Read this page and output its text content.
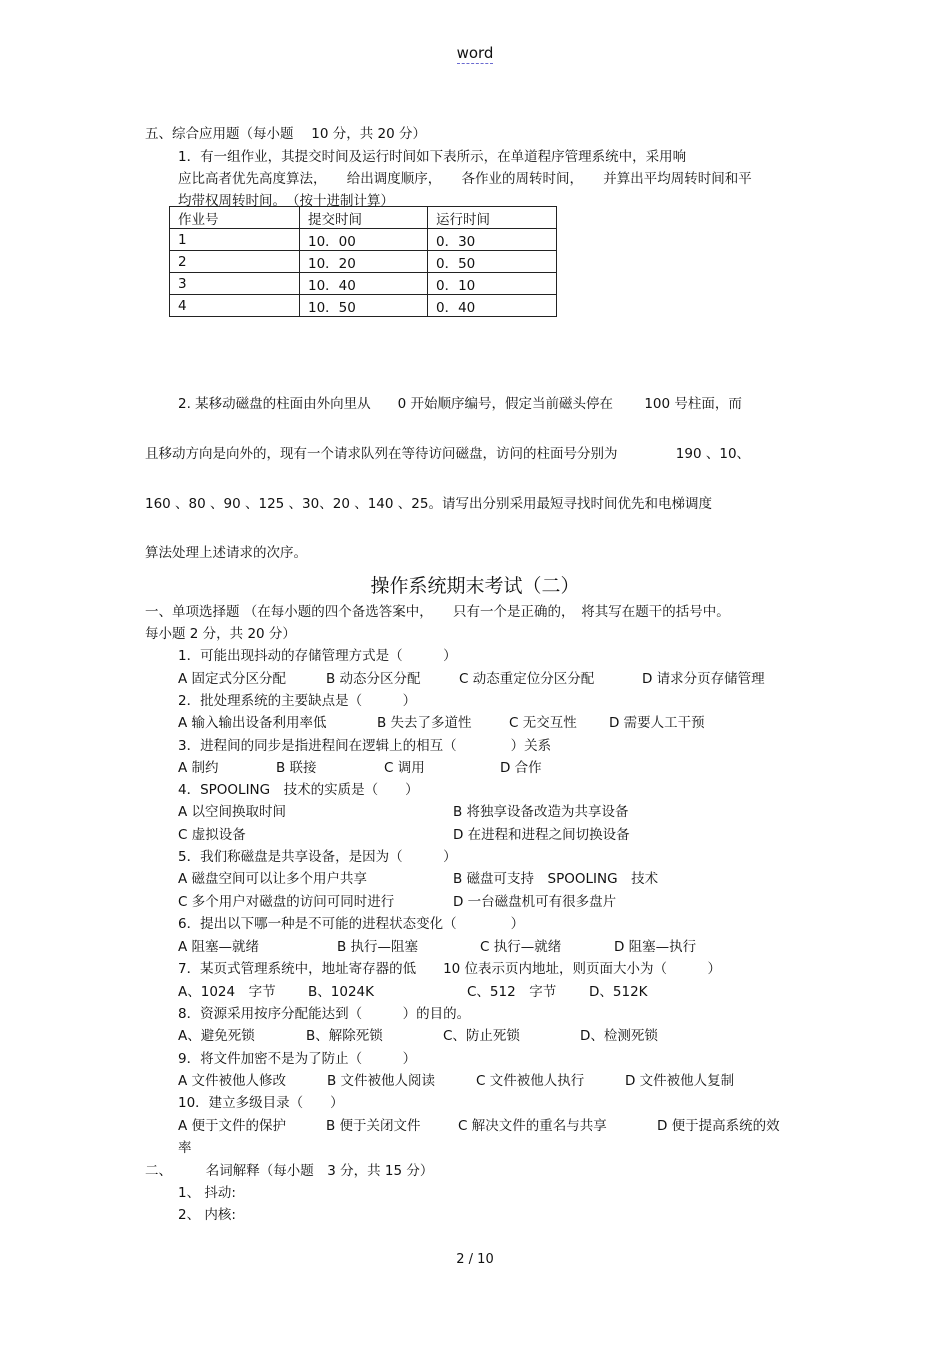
word
五、综合应用题（每小题　 10 分，共 20 分）
1．有一组作业，其提交时间及运行时间如下表所示，在单道程序管理系统中，采用响
应比高者优先高度算法，　　给出调度顺序，　　各作业的周转时间，　　并算出平均周转时间和平
均带权周转时间。　（按十进制计算）
作业号	提交时间	运行时间
1	10．00	0．30
2	10．20	0．50
3	10．40	0．10
4	10．50	0．40
2. 某移动磁盘的柱面由外向里从　　0 开始顺序编号，假定当前磁头停在　　 100 号柱面，而
且移动方向是向外的，现有一个请求队列在等待访问磁盘，访问的柱面号分别为　　　　 190 、10、
160 、80 、90 、125 、30、20 、140 、25。请写出分别采用最短寻找时间优先和电梯调度
算法处理上述请求的次序。
操作系统期末考试（二）
一、单项选择题 （在每小题的四个备选答案中，　　只有一个是正确的，　将其写在题干的括号中。
每小题 2 分，共 20 分）
1．可能出现抖动的存储管理方式是（　　　）
A 固定式分区分配	B 动态分区分配	C 动态重定位分区分配	D 请求分页存储管理
2．批处理系统的主要缺点是（　　　）
A 输入输出设备利用率低	B 失去了多道性	C 无交互性 D 需要人工干预
3．进程间的同步是指进程间在逻辑上的相互（　　　　）关系
A 制约	B 联接	C 调用	D 合作
4．SPOOLING　技术的实质是（　　）
A 以空间换取时间	B 将独享设备改造为共享设备
C 虚拟设备	D 在进程和进程之间切换设备
5．我们称磁盘是共享设备，是因为（　　　）
A 磁盘空间可以让多个用户共享	B 磁盘可支持　SPOOLING　技术
C 多个用户对磁盘的访问可同时进行	D 一台磁盘机可有很多盘片
6．提出以下哪一种是不可能的进程状态变化（　　　　）
A 阻塞—就绪	B 执行—阻塞	C 执行—就绪	D 阻塞—执行
7．某页式管理系统中，地址寄存器的低　　10 位表示页内地址，则页面大小为（　　　）
A、1024　字节 B、1024K	C、512　字节 D、512K
8．资源采用按序分配能达到（　　　）的目的。
A、避免死锁	B、解除死锁	C、防止死锁	D、检测死锁
9．将文件加密不是为了防止（　　　）
A 文件被他人修改	B 文件被他人阅读	C 文件被他人执行	D 文件被他人复制
10．建立多级目录（　　）
A 便于文件的保护	B 便于关闭文件	C 解决文件的重名与共享	D 便于提高系统的效
率
二、　　　名词解释（每小题　3 分，共 15 分）
1、 抖动:
2、 内核:
2 / 10
